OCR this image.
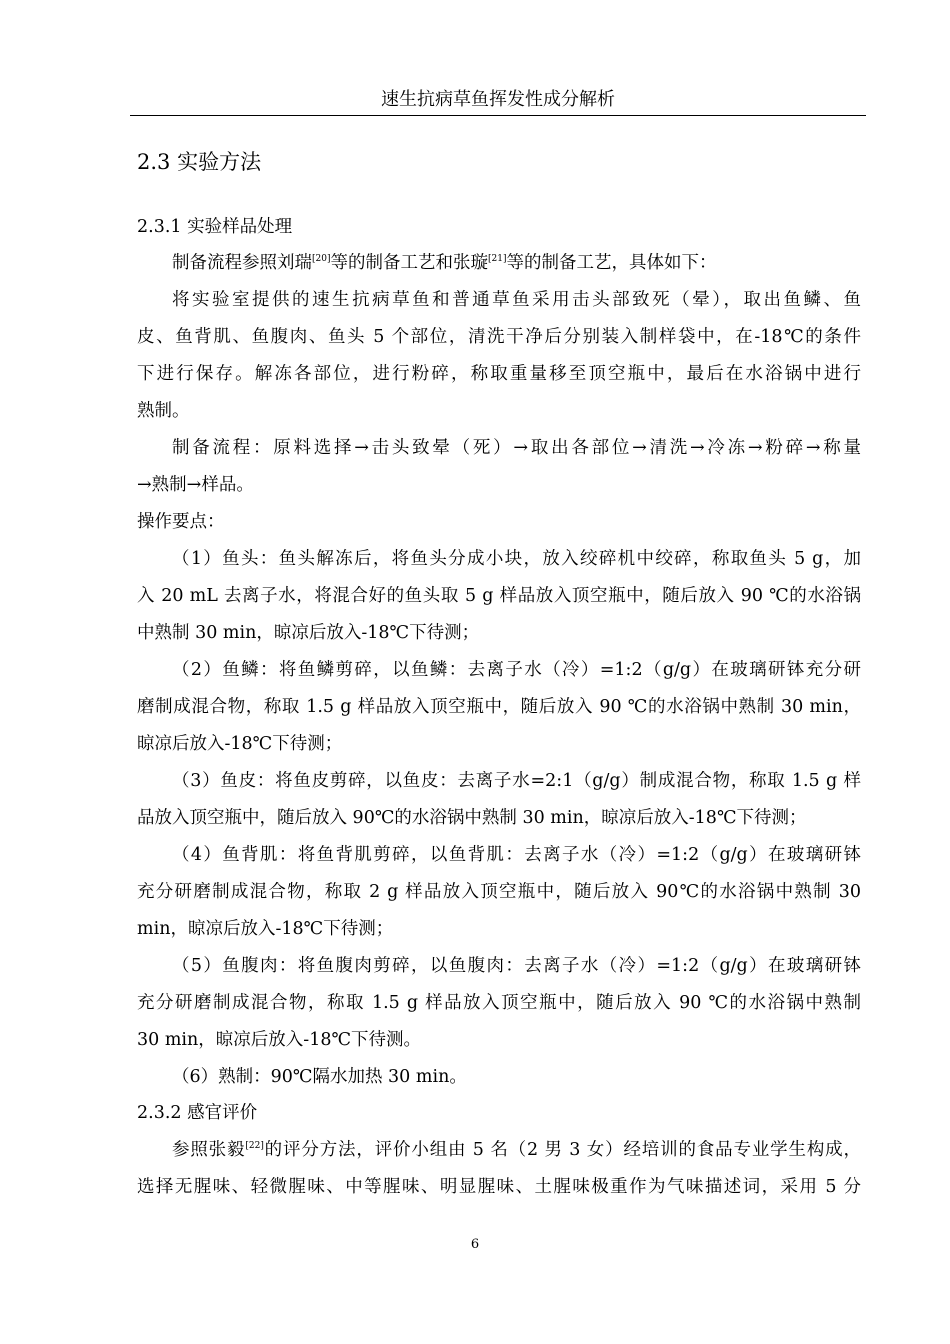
速生抗病草鱼挥发性成分解析
2.3 实验方法
2.3.1 实验样品处理
制备流程参照刘瑞[20]等的制备工艺和张璇[21]等的制备工艺，具体如下：
将实验室提供的速生抗病草鱼和普通草鱼采用击头部致死（晕），取出鱼鳞、鱼
皮、鱼背肌、鱼腹肉、鱼头 5 个部位，清洗干净后分别装入制样袋中，在-18℃的条件
下进行保存。解冻各部位，进行粉碎，称取重量移至顶空瓶中，最后在水浴锅中进行
熟制。
制备流程：原料选择→击头致晕（死）→取出各部位→清洗→冷冻→粉碎→称量
→熟制→样品。
操作要点：
（1）鱼头：鱼头解冻后，将鱼头分成小块，放入绞碎机中绞碎，称取鱼头 5 g，加
入 20 mL 去离子水，将混合好的鱼头取 5 g 样品放入顶空瓶中，随后放入 90 ℃的水浴锅
中熟制 30 min，晾凉后放入-18℃下待测；
（2）鱼鳞：将鱼鳞剪碎，以鱼鳞：去离子水（冷）=1:2（g/g）在玻璃研钵充分研
磨制成混合物，称取 1.5 g 样品放入顶空瓶中，随后放入 90 ℃的水浴锅中熟制 30 min，
晾凉后放入-18℃下待测；
（3）鱼皮：将鱼皮剪碎，以鱼皮：去离子水=2:1（g/g）制成混合物，称取 1.5 g 样
品放入顶空瓶中，随后放入 90℃的水浴锅中熟制 30 min，晾凉后放入-18℃下待测；
（4）鱼背肌：将鱼背肌剪碎，以鱼背肌：去离子水（冷）=1:2（g/g）在玻璃研钵
充分研磨制成混合物，称取 2 g 样品放入顶空瓶中，随后放入 90℃的水浴锅中熟制 30
min，晾凉后放入-18℃下待测；
（5）鱼腹肉：将鱼腹肉剪碎，以鱼腹肉：去离子水（冷）=1:2（g/g）在玻璃研钵
充分研磨制成混合物，称取 1.5 g 样品放入顶空瓶中，随后放入 90 ℃的水浴锅中熟制
30 min，晾凉后放入-18℃下待测。
（6）熟制：90℃隔水加热 30 min。
2.3.2 感官评价
参照张毅[22]的评分方法，评价小组由 5 名（2 男 3 女）经培训的食品专业学生构成，
选择无腥味、轻微腥味、中等腥味、明显腥味、土腥味极重作为气味描述词，采用 5 分
6
